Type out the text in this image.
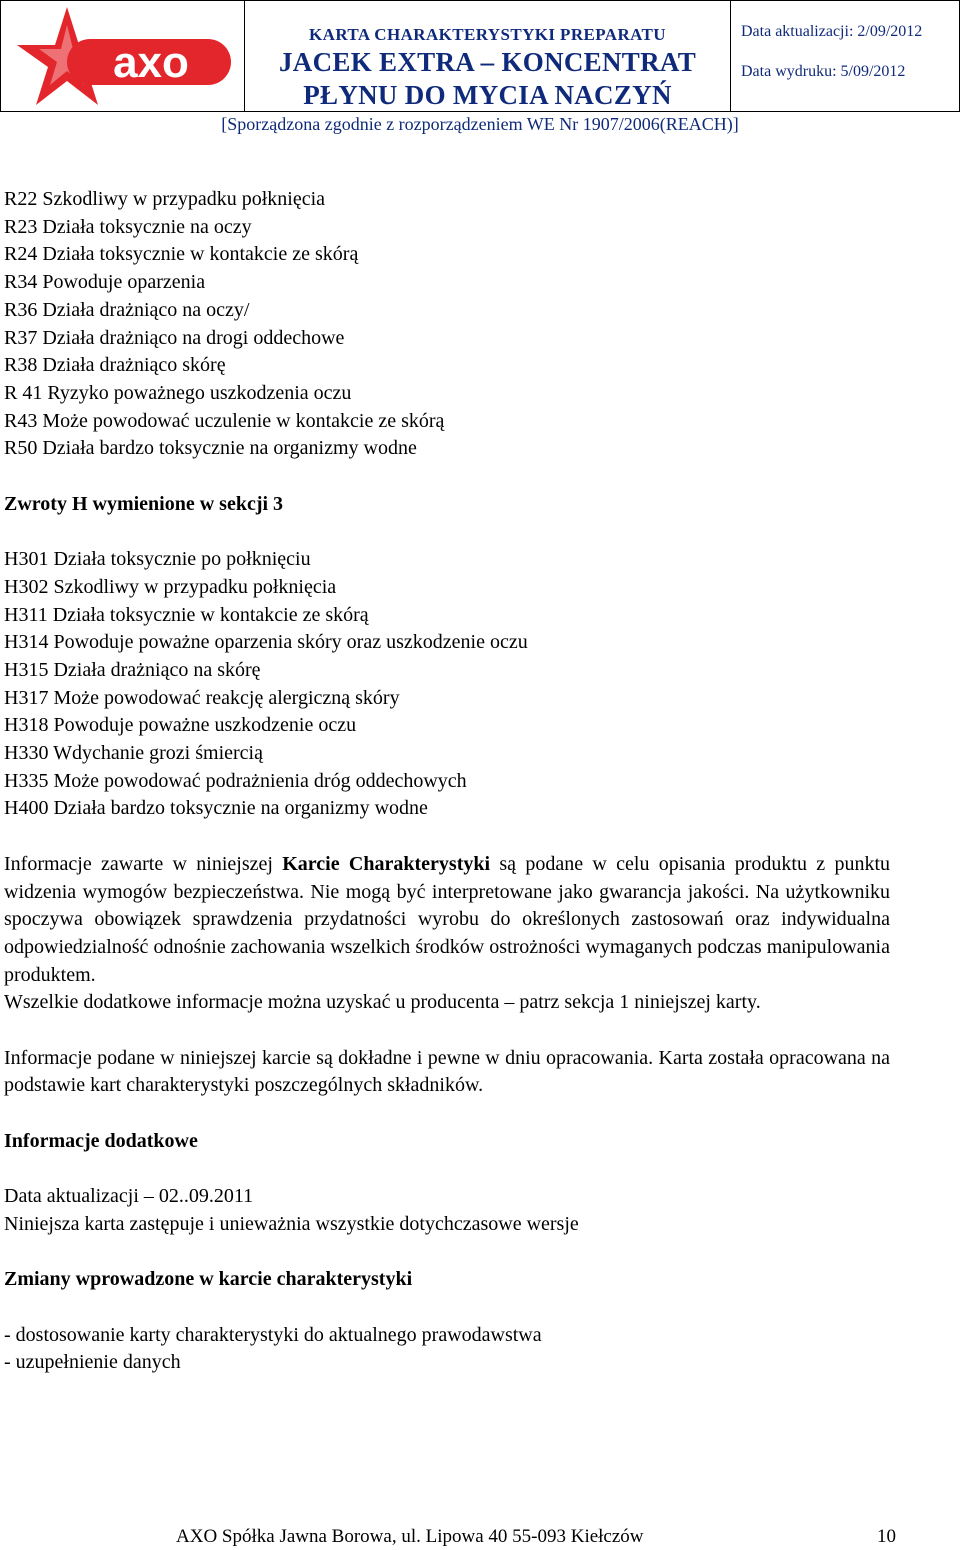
axo
KARTA CHARAKTERYSTYKI PREPARATU
JACEK EXTRA – KONCENTRAT
PŁYNU DO MYCIA NACZYŃ
Data aktualizacji: 2/09/2012
Data wydruku: 5/09/2012
[Sporządzona zgodnie z rozporządzeniem WE Nr 1907/2006(REACH)]
R22 Szkodliwy w przypadku połknięcia
R23 Działa toksycznie na oczy
R24 Działa toksycznie w kontakcie ze skórą
R34 Powoduje oparzenia
R36 Działa drażniąco na oczy/
R37 Działa drażniąco na drogi oddechowe
R38 Działa drażniąco skórę
R 41 Ryzyko poważnego uszkodzenia oczu
R43 Może powodować uczulenie w kontakcie ze skórą
R50 Działa bardzo toksycznie na organizmy wodne
Zwroty H wymienione w sekcji 3
H301 Działa toksycznie po połknięciu
H302 Szkodliwy w przypadku połknięcia
H311 Działa toksycznie w kontakcie ze skórą
H314 Powoduje poważne oparzenia skóry oraz uszkodzenie oczu
H315 Działa drażniąco na skórę
H317 Może powodować reakcję alergiczną skóry
H318 Powoduje poważne uszkodzenie oczu
H330 Wdychanie grozi śmiercią
H335 Może powodować podrażnienia dróg oddechowych
H400 Działa bardzo toksycznie na organizmy wodne

Informacje zawarte w niniejszej Karcie Charakterystyki są podane w celu opisania produktu z punktu widzenia wymogów bezpieczeństwa. Nie mogą być interpretowane jako gwarancja jakości. Na użytkowniku spoczywa obowiązek sprawdzenia przydatności wyrobu do określonych zastosowań oraz indywidualna odpowiedzialność odnośnie zachowania wszelkich środków ostrożności wymaganych podczas manipulowania produktem.

Wszelkie dodatkowe informacje można uzyskać u producenta – patrz sekcja 1 niniejszej karty.

Informacje podane w niniejszej karcie są dokładne i pewne w dniu opracowania. Karta została opracowana na podstawie kart charakterystyki poszczególnych składników.

Informacje dodatkowe
Data aktualizacji – 02..09.2011
Niniejsza karta zastępuje i unieważnia wszystkie dotychczasowe wersje
Zmiany wprowadzone w karcie charakterystyki
- dostosowanie karty charakterystyki do aktualnego prawodawstwa
- uzupełnienie danych
AXO Spółka Jawna Borowa, ul. Lipowa 40 55-093 Kiełczów	10
